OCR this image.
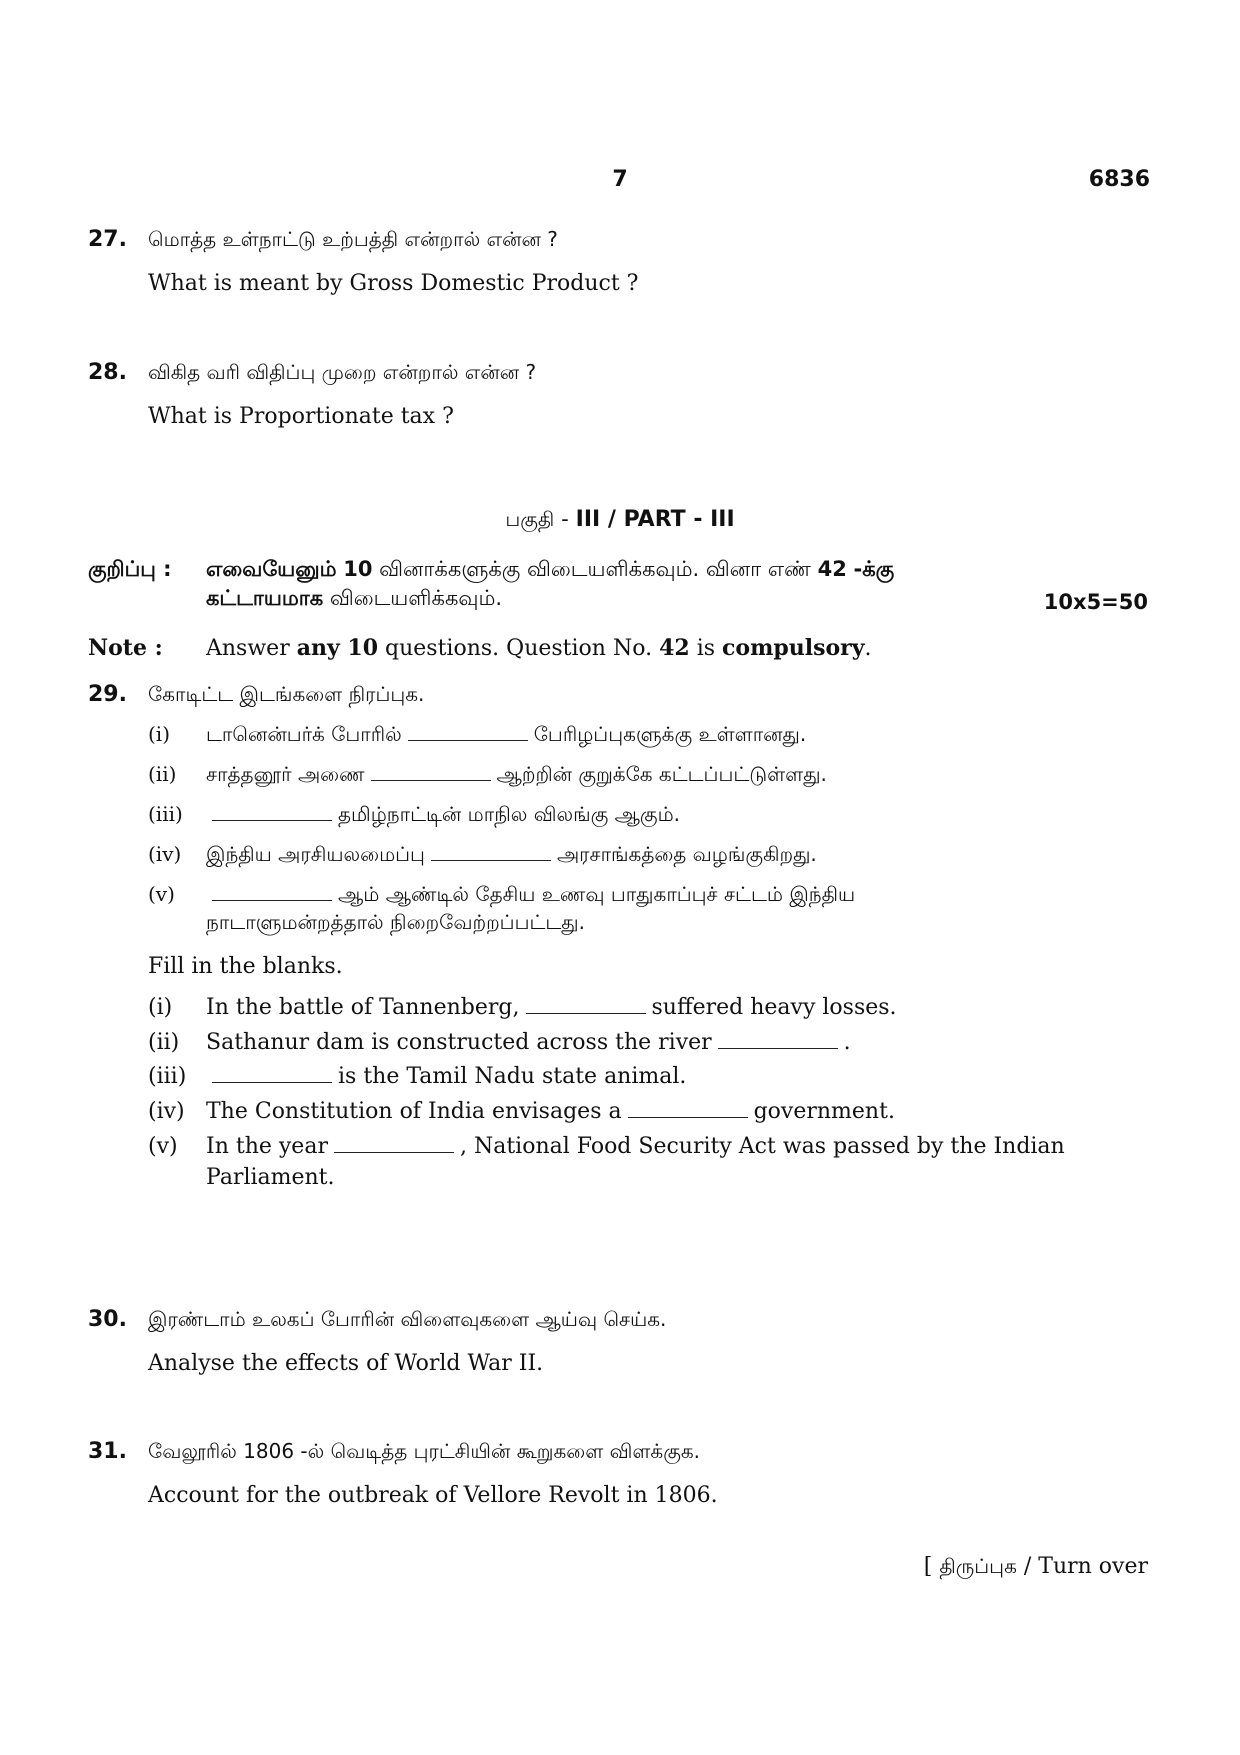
7	6836
27. மொத்த உள்நாட்டு உற்பத்தி என்றால் என்ன ?
What is meant by Gross Domestic Product ?
28. விகித வரி விதிப்பு முறை என்றால் என்ன ?
What is Proportionate tax ?
பகுதி - III / PART - III
குறிப்பு : எவையேனும் 10 வினாக்களுக்கு விடையளிக்கவும். வினா எண் 42 -க்கு
கட்டாயமாக விடையளிக்கவும்.	10x5=50
Note : Answer any 10 questions. Question No. 42 is compulsory.
29. கோடிட்ட இடங்களை நிரப்புக.
(i) டானென்பர்க் போரில்	பேரிழப்புகளுக்கு உள்ளானது.
(ii) சாத்தனூர் அணை	ஆற்றின் குறுக்கே கட்டப்பட்டுள்ளது.
(iii)	தமிழ்நாட்டின் மாநில விலங்கு ஆகும்.
(iv) இந்திய அரசியலமைப்பு	அரசாங்கத்தை வழங்குகிறது.
(v)	ஆம் ஆண்டில் தேசிய உணவு பாதுகாப்புச் சட்டம் இந்திய
நாடாளுமன்றத்தால் நிறைவேற்றப்பட்டது.
Fill in the blanks.
(i) In the battle of Tannenberg,	suffered heavy losses.
(ii) Sathanur dam is constructed across the river	.
(iii)	is the Tamil Nadu state animal.
(iv) The Constitution of India envisages a	government.
(v) In the year	, National Food Security Act was passed by the Indian
Parliament.
30. இரண்டாம் உலகப் போரின் விளைவுகளை ஆய்வு செய்க.
Analyse the effects of World War II.
31. வேலூரில் 1806 -ல் வெடித்த புரட்சியின் கூறுகளை விளக்குக.
Account for the outbreak of Vellore Revolt in 1806.
[ திருப்புக / Turn over
